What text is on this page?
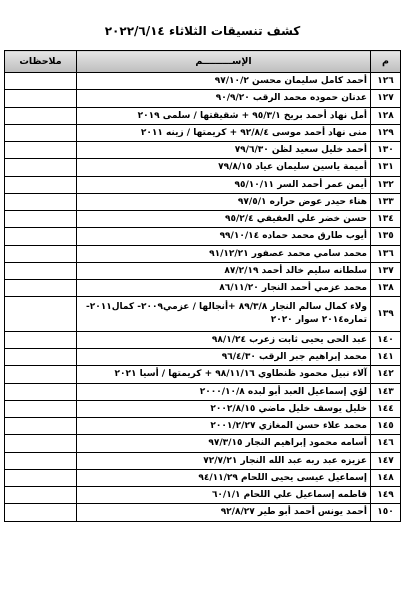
كشف تنسيقات الثلاثاء ٢٠٢٢/٦/١٤
م	الإســـــــــم	ملاحظات
١٢٦	أحمد كامل سليمان محسن ٩٧/١٠/٢	
١٢٧	عدنان حموده محمد الرقب ٩٠/٩/٢٠	
١٢٨	أمل نهاد أحمد بريخ ٩٥/٣/١ + شقيقتها / سلمى ٢٠١٩	
١٢٩	منى نهاد أحمد موسى ٩٢/٨/٤ + كريمتها / زينه ٢٠١١	
١٣٠	أحمد خليل سعيد لظن ٧٩/٦/٣٠	
١٣١	أميمة ياسين سليمان عياد ٧٩/٨/١٥	
١٣٢	أيمن عمر أحمد السر ٩٥/١٠/١١	
١٣٣	هناء حيدر عوض حراره ٩٧/٥/١	
١٣٤	حسن خضر علي العفيفي ٩٥/٢/٤	
١٣٥	أيوب طارق محمد حماده ٩٩/١٠/١٤	
١٣٦	محمد سامي محمد عصفور ٩١/١٢/٢١	
١٣٧	سلطانه سليم خالد أحمد ٨٧/٢/١٩	
١٣٨	محمد عزمي أحمد النجار ٨٦/١١/٢٠	
١٣٩	ولاء كمال سالم النجار ٨٩/٣/٨ +أنجالها / عزمي٢٠٠٩- كمال٢٠١١- تماره٢٠١٤ سوار ٢٠٢٠	
١٤٠	عبد الحى يحيى ثابت زعرب ٩٨/١/٢٤	
١٤١	محمد إبراهيم جبر الرقب ٩٦/٤/٣٠	
١٤٢	آلاء نبيل محمود ظنطاوي ٩٨/١١/١٦ + كريمتها / أسيا ٢٠٢١	
١٤٣	لؤي إسماعيل العبد أبو لبده ٢٠٠٠/١٠/٨	
١٤٤	خليل يوسف خليل ماضي ٢٠٠٢/٨/١٥	
١٤٥	محمد علاء حسن المغازي ٢٠٠١/٢/٢٧	
١٤٦	أسامه محمود إبراهيم النجار ٩٧/٣/١٥	
١٤٧	عزيزه عبد ربه عبد الله النجار ٧٢/٧/٢١	
١٤٨	إسماعيل عيسى يحيى اللحام ٩٤/١١/٢٩	
١٤٩	فاطمه إسماعيل علي اللحام ٦٠/١/١	
١٥٠	أحمد يونس أحمد أبو طير ٩٢/٨/٢٧	
